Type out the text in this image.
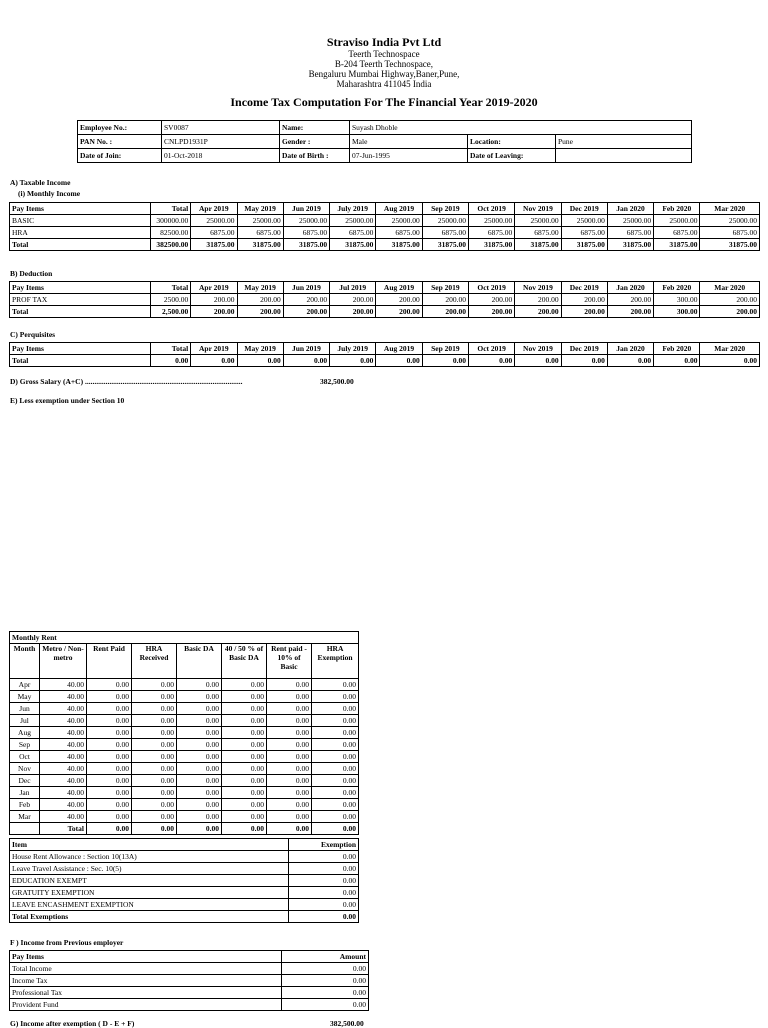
Straviso India Pvt Ltd
Teerth Technospace
B-204 Teerth Technospace,
Bengaluru Mumbai Highway,Baner,Pune,
Maharashtra 411045 India
Income Tax Computation For The Financial Year 2019-2020
Employee No.:	SV0087	Name:	Suyash Dhoble		
PAN No. :	CNLPD1931P	Gender :	Male	Location:	Pune
Date of Join:	01-Oct-2018	Date of Birth :	07-Jun-1995	Date of Leaving:	
A) Taxable Income
(i) Monthly Income
Pay Items	Total	Apr 2019	May 2019	Jun 2019	July 2019	Aug 2019	Sep 2019	Oct 2019	Nov 2019	Dec 2019	Jan 2020	Feb 2020	Mar 2020
BASIC	300000.00	25000.00	25000.00	25000.00	25000.00	25000.00	25000.00	25000.00	25000.00	25000.00	25000.00	25000.00	25000.00
HRA	82500.00	6875.00	6875.00	6875.00	6875.00	6875.00	6875.00	6875.00	6875.00	6875.00	6875.00	6875.00	6875.00
Total	382500.00	31875.00	31875.00	31875.00	31875.00	31875.00	31875.00	31875.00	31875.00	31875.00	31875.00	31875.00	31875.00
B) Deduction
Pay Items	Total	Apr 2019	May 2019	Jun 2019	Jul 2019	Aug 2019	Sep 2019	Oct 2019	Nov 2019	Dec 2019	Jan 2020	Feb 2020	Mar 2020
PROF TAX	2500.00	200.00	200.00	200.00	200.00	200.00	200.00	200.00	200.00	200.00	200.00	300.00	200.00
Total	2,500.00	200.00	200.00	200.00	200.00	200.00	200.00	200.00	200.00	200.00	200.00	300.00	200.00
C) Perquisites
Pay Items	Total	Apr 2019	May 2019	Jun 2019	July 2019	Aug 2019	Sep 2019	Oct 2019	Nov 2019	Dec 2019	Jan 2020	Feb 2020	Mar 2020
Total	0.00	0.00	0.00	0.00	0.00	0.00	0.00	0.00	0.00	0.00	0.00	0.00	0.00
D) Gross Salary (A+C) ....................................................................................	382,500.00
E) Less exemption under Section 10
Monthly Rent							
Month	Metro / Non-metro	Rent Paid	HRA Received	Basic DA	40 / 50 % of Basic DA	Rent paid - 10% of Basic	HRA Exemption
Apr	40.00	0.00	0.00	0.00	0.00	0.00	0.00
May	40.00	0.00	0.00	0.00	0.00	0.00	0.00
Jun	40.00	0.00	0.00	0.00	0.00	0.00	0.00
Jul	40.00	0.00	0.00	0.00	0.00	0.00	0.00
Aug	40.00	0.00	0.00	0.00	0.00	0.00	0.00
Sep	40.00	0.00	0.00	0.00	0.00	0.00	0.00
Oct	40.00	0.00	0.00	0.00	0.00	0.00	0.00
Nov	40.00	0.00	0.00	0.00	0.00	0.00	0.00
Dec	40.00	0.00	0.00	0.00	0.00	0.00	0.00
Jan	40.00	0.00	0.00	0.00	0.00	0.00	0.00
Feb	40.00	0.00	0.00	0.00	0.00	0.00	0.00
Mar	40.00	0.00	0.00	0.00	0.00	0.00	0.00
	Total	0.00	0.00	0.00	0.00	0.00	0.00
Item	Exemption
House Rent Allowance : Section 10(13A)	0.00
Leave Travel Assistance : Sec. 10(5)	0.00
EDUCATION EXEMPT	0.00
GRATUITY EXEMPTION	0.00
LEAVE ENCASHMENT EXEMPTION	0.00
Total Exemptions	0.00
F ) Income from Previous employer
Pay Items	Amount
Total Income	0.00
Income Tax	0.00
Professional Tax	0.00
Provident Fund	0.00
G) Income after exemption ( D - E + F)	382,500.00
